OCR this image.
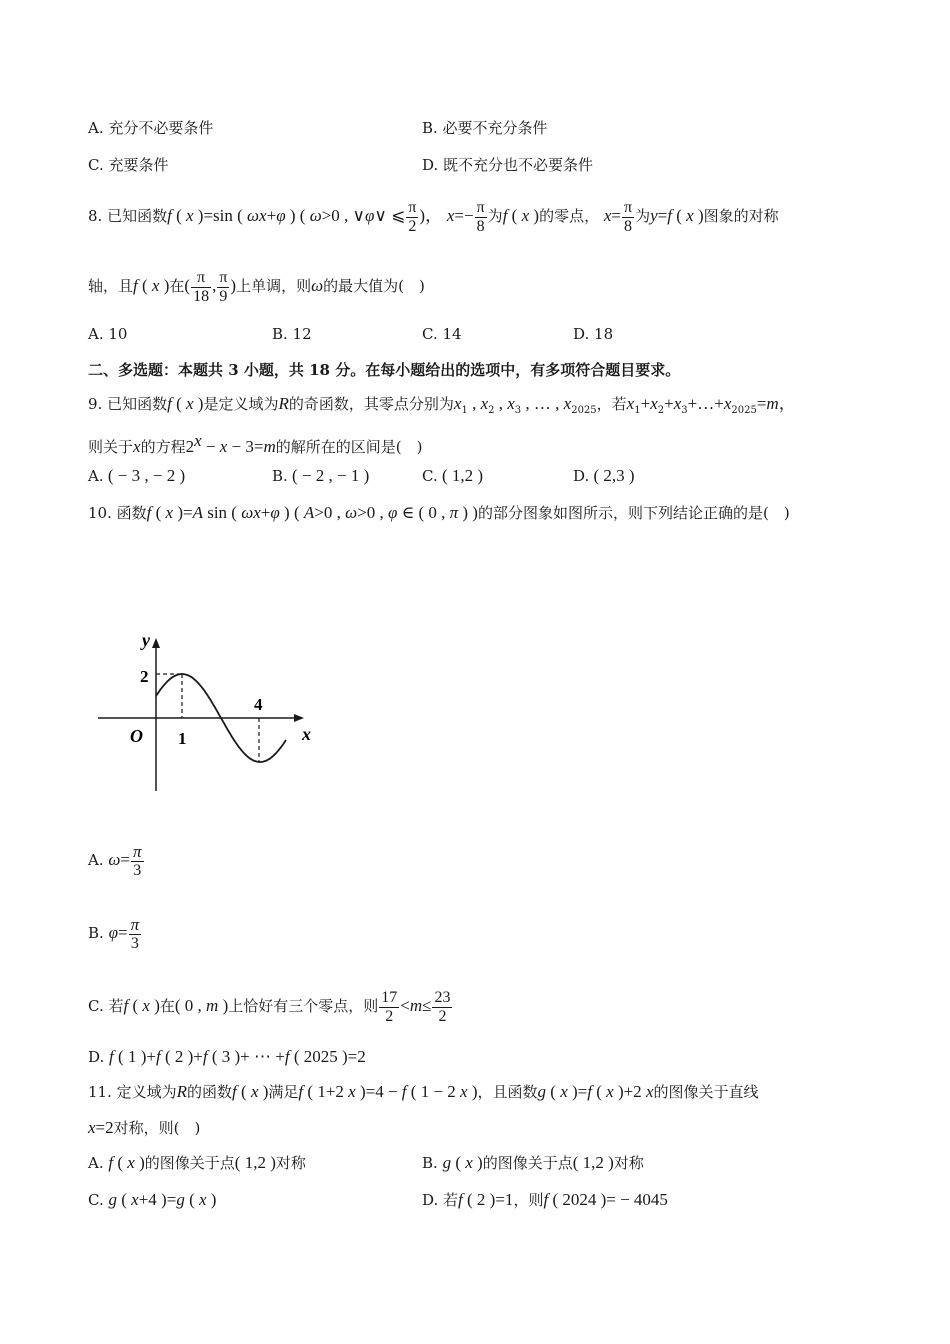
A. 充分不必要条件	B. 必要不充分条件
C. 充要条件	D. 既不充分也不必要条件
8. 已知函数f ( x )=sin ( ωx+φ ) ( ω>0 , ∨φ∨ ⩽ $\frac{\pi}{2}$ )， $x=- \frac{\pi}{8}$ 为f ( x )的零点， $x= \frac{\pi}{8}$ 为y=f ( x )图象的对称
轴，且f ( x )在( $\frac{\pi}{18}$ , $\frac{\pi}{9}$ )上单调，则ω的最大值为(　)
A. 10	B. 12	C. 14	D. 18
二、多选题：本题共 3 小题，共 18 分。在每小题给出的选项中，有多项符合题目要求。
9. 已知函数f ( x )是定义域为R的奇函数，其零点分别为$x_1$ , $x_2$ , $x_3$ , … , $x_{2025}$，若$x_1+x_2+x_3+\dots+x_{2025}=m$，
则关于x的方程$2^x - x - 3=m$的解所在的区间是(　)
A. ( − 3 , − 2 )	B. ( − 2 , − 1 )	C. ( 1,2 )	D. ( 2,3 )
10. 函数f ( x )=A sin ( ωx+φ ) ( A>0 , ω>0 , φ ∈ ( 0 , π ) )的部分图象如图所示，则下列结论正确的是(　)
y
x
O
2
1
4
A. $\omega= \frac{\pi}{3}$
B. $\varphi= \frac{\pi}{3}$
C. 若f ( x )在( 0 , m )上恰好有三个零点，则 $\frac{17}{2} <m\le \frac{23}{2}$
D. f ( 1 )+f ( 2 )+f ( 3 )+ ⋯ +f ( 2025 )=2
11. 定义域为R的函数f ( x )满足f ( 1+2 x )=4 − f ( 1 − 2 x )，且函数g ( x )=f ( x )+2 x的图像关于直线
x=2对称，则(　)
A. f ( x )的图像关于点( 1,2 )对称	B. g ( x )的图像关于点( 1,2 )对称
C. g ( x+4 )=g ( x )	D. 若f ( 2 )=1，则f ( 2024 )= − 4045
